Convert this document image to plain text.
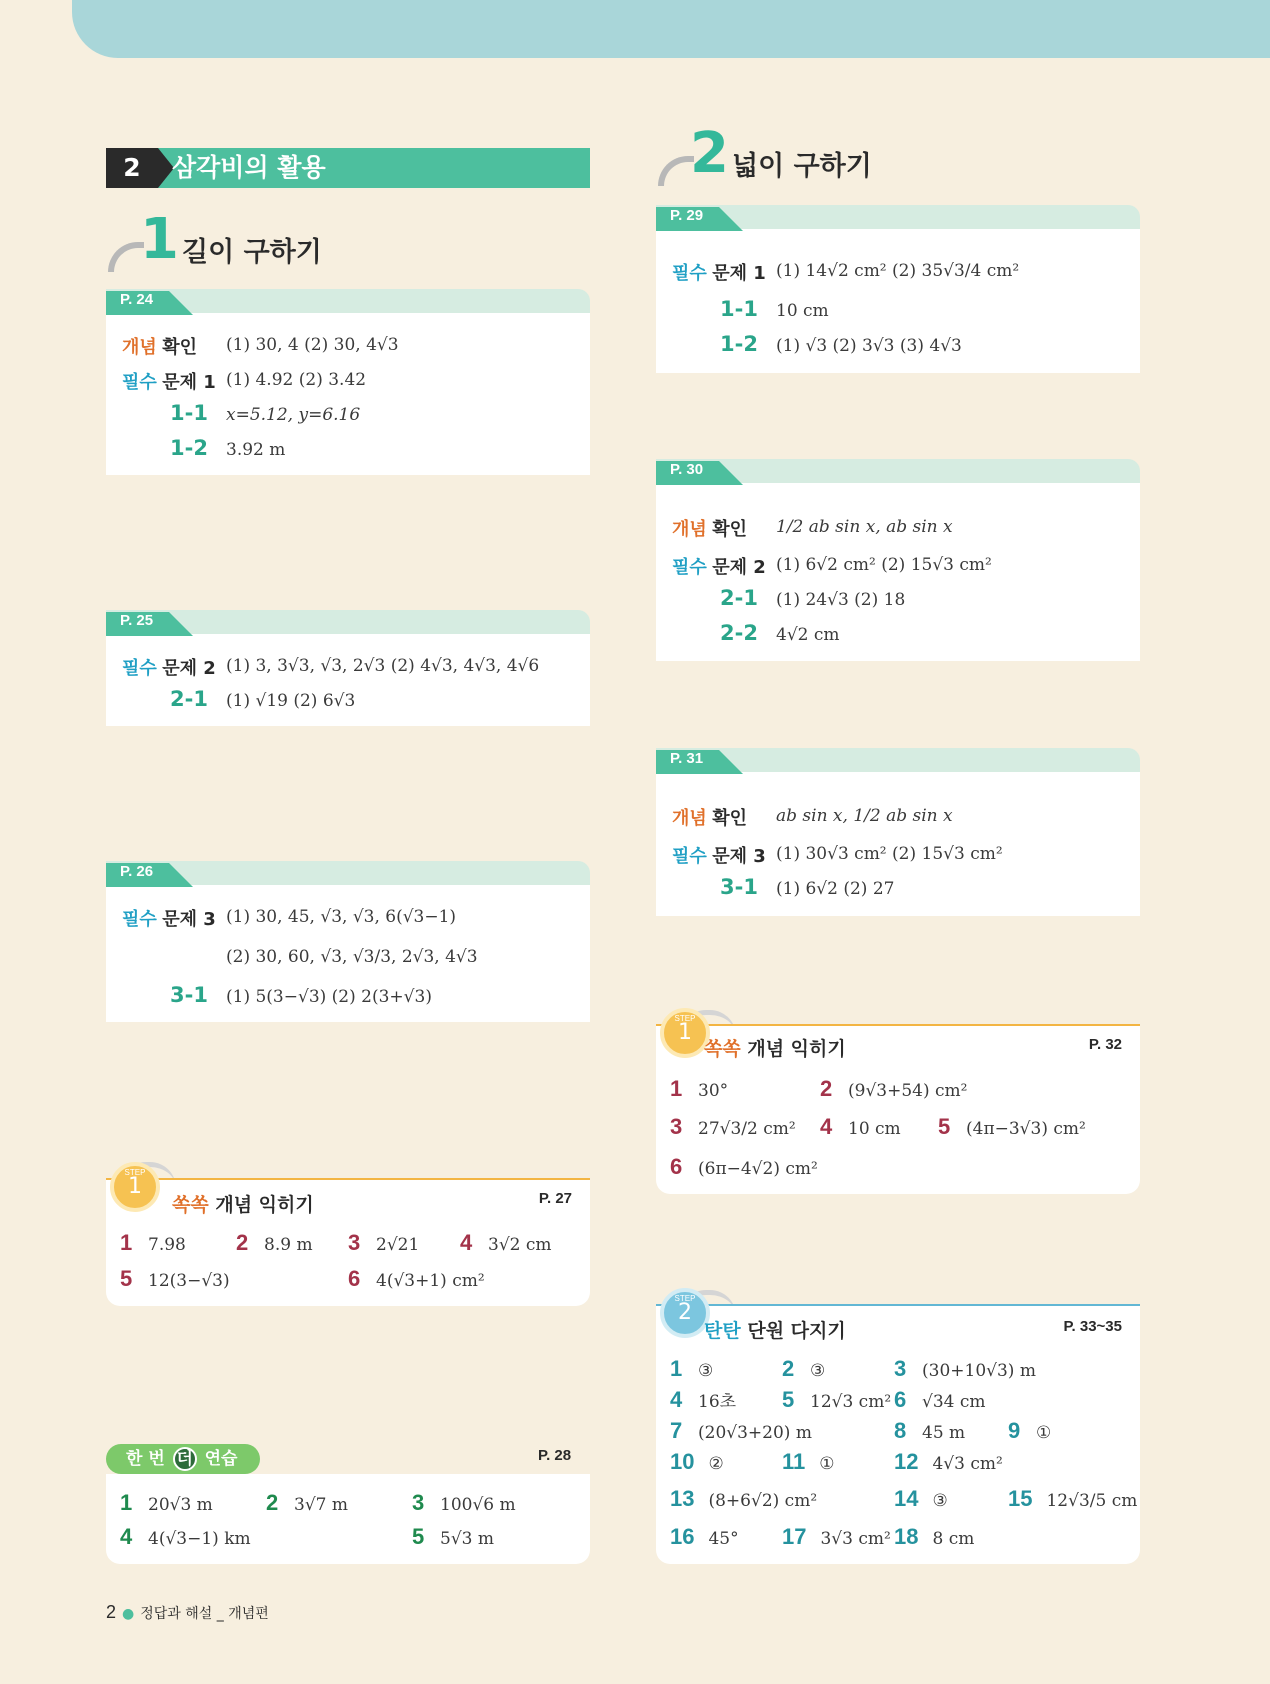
2	삼각비의 활용
1 길이 구하기
P. 24
개념 확인 (1) 30, 4 (2) 30, 4√3
필수 문제 1 (1) 4.92 (2) 3.42
1-1 x=5.12, y=6.16
1-2 3.92 m
P. 25
필수 문제 2 (1) 3, 3√3, √3, 2√3 (2) 4√3, 4√3, 4√6
2-1 (1) √19 (2) 6√3
P. 26
필수 문제 3 (1) 30, 45, √3, √3, 6(√3−1)
(2) 30, 60, √3, √3/3, 2√3, 4√3
3-1 (1) 5(3−√3) (2) 2(3+√3)
STEP
1
쏙쏙 개념 익히기	P. 27
1 7.98 2 8.9 m 3 2√21 4 3√2 cm
5 12(3−√3)	6 4(√3+1) cm²
한 번 더 연습	P. 28
1 20√3 m 2 3√7 m	3 100√6 m
4 4(√3−1) km	5 5√3 m
2 넓이 구하기
P. 29
필수 문제 1 (1) 14√2 cm² (2) 35√3/4 cm²
1-1 10 cm
1-2 (1) √3 (2) 3√3 (3) 4√3
P. 30
개념 확인 1/2 ab sin x, ab sin x
필수 문제 2 (1) 6√2 cm² (2) 15√3 cm²
2-1 (1) 24√3 (2) 18
2-2 4√2 cm
P. 31
개념 확인 ab sin x, 1/2 ab sin x
필수 문제 3 (1) 30√3 cm² (2) 15√3 cm²
3-1 (1) 6√2 (2) 27
STEP
1
쏙쏙 개념 익히기	P. 32
1 30°	2 (9√3+54) cm²
3 27√3/2 cm² 4 10 cm 5 (4π−3√3) cm²
6 (6π−4√2) cm²
STEP
2
탄탄 단원 다지기	P. 33~35
1 ③	2 ③	3 (30+10√3) m
4 16초 5 12√3 cm² 6 √34 cm
7 (20√3+20) m	8 45 m 9 ①
10 ②	11 ①	12 4√3 cm²
13 (8+6√2) cm²	14 ③	15 12√3/5 cm
16 45° 17 3√3 cm² 18 8 cm
2 ● 정답과 해설 _ 개념편
